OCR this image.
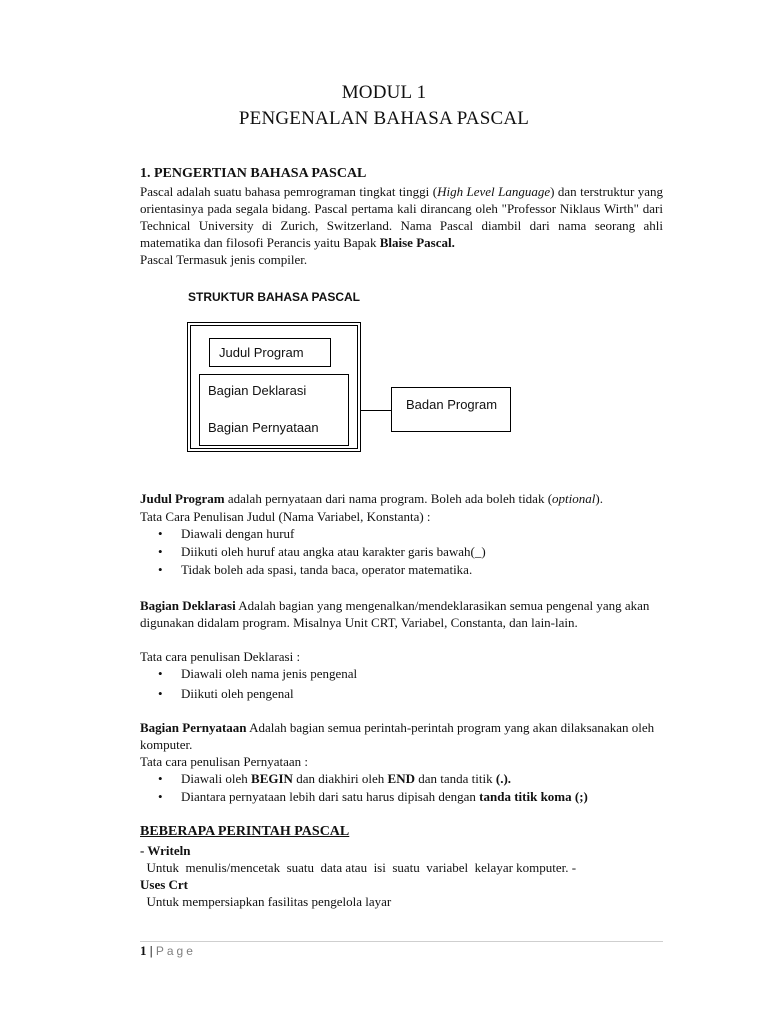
MODUL 1
PENGENALAN BAHASA PASCAL
1. PENGERTIAN BAHASA PASCAL
Pascal adalah suatu bahasa pemrograman tingkat tinggi (High Level Language) dan terstruktur yang orientasinya pada segala bidang. Pascal pertama kali dirancang oleh "Professor Niklaus Wirth" dari Technical University di Zurich, Switzerland. Nama Pascal diambil dari nama seorang ahli matematika dan filosofi Perancis yaitu Bapak Blaise Pascal.
Pascal Termasuk jenis compiler.
STRUKTUR BAHASA PASCAL
Judul Program
Bagian Deklarasi
Bagian Pernyataan
Badan Program
Judul Program adalah pernyataan dari nama program. Boleh ada boleh tidak (optional).
Tata Cara Penulisan Judul (Nama Variabel, Konstanta) :
• Diawali dengan huruf
• Diikuti oleh huruf atau angka atau karakter garis bawah(_)
• Tidak boleh ada spasi, tanda baca, operator matematika.
Bagian Deklarasi Adalah bagian yang mengenalkan/mendeklarasikan semua pengenal yang akan digunakan didalam program. Misalnya Unit CRT, Variabel, Constanta, dan lain-lain.
Tata cara penulisan Deklarasi :
• Diawali oleh nama jenis pengenal
• Diikuti oleh pengenal
Bagian Pernyataan Adalah bagian semua perintah-perintah program yang akan dilaksanakan oleh komputer.
Tata cara penulisan Pernyataan :
• Diawali oleh BEGIN dan diakhiri oleh END dan tanda titik (.).
• Diantara pernyataan lebih dari satu harus dipisah dengan tanda titik koma (;)
BEBERAPA PERINTAH PASCAL
- Writeln
Untuk  menulis/mencetak  suatu  data atau  isi  suatu  variabel  kelayar komputer. -
Uses Crt
Untuk mempersiapkan fasilitas pengelola layar
1 | Page
